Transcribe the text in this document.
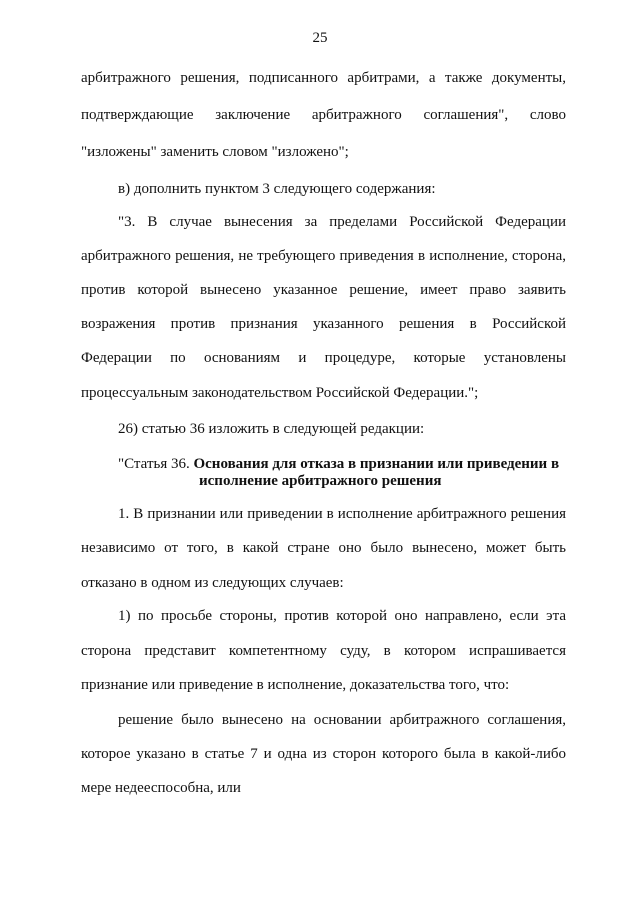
25
арбитражного решения, подписанного арбитрами, а также документы,
подтверждающие заключение арбитражного соглашения", слово
"изложены" заменить словом "изложено";
в) дополнить пунктом 3 следующего содержания:
"3. В случае вынесения за пределами Российской Федерации
арбитражного решения, не требующего приведения в исполнение, сторона,
против которой вынесено указанное решение, имеет право заявить
возражения против признания указанного решения в Российской
Федерации по основаниям и процедуре, которые установлены
процессуальным законодательством Российской Федерации.";
26) статью 36 изложить в следующей редакции:
"Статья 36. Основания для отказа в признании или приведении в
исполнение арбитражного решения
1. В признании или приведении в исполнение арбитражного решения
независимо от того, в какой стране оно было вынесено, может быть
отказано в одном из следующих случаев:
1) по просьбе стороны, против которой оно направлено, если эта
сторона представит компетентному суду, в котором испрашивается
признание или приведение в исполнение, доказательства того, что:
решение было вынесено на основании арбитражного соглашения,
которое указано в статье 7 и одна из сторон которого была в какой-либо
мере недееспособна, или
